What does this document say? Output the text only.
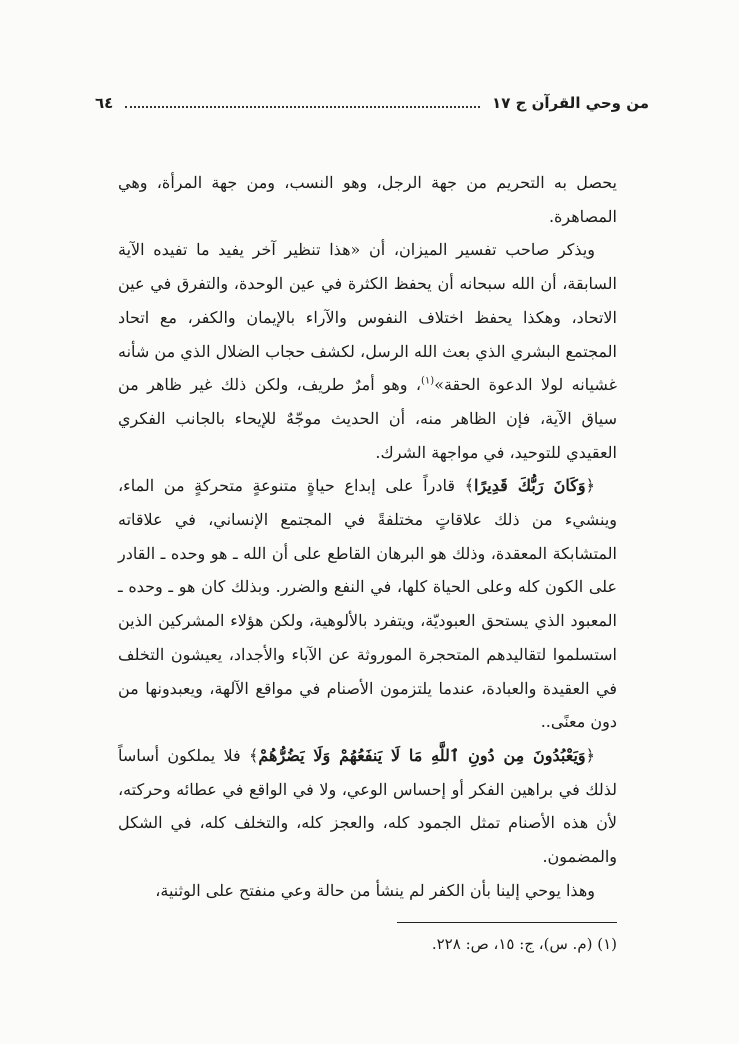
من وحي القرآن ج ١٧
٦٤

يحصل به التحريم من جهة الرجل، وهو النسب، ومن جهة المرأة، وهي المصاهرة.

ويذكر صاحب تفسير الميزان، أن «هذا تنظير آخر يفيد ما تفيده الآية السابقة، أن الله سبحانه أن يحفظ الكثرة في عين الوحدة، والتفرق في عين الاتحاد، وهكذا يحفظ اختلاف النفوس والآراء بالإيمان والكفر، مع اتحاد المجتمع البشري الذي بعث الله الرسل، لكشف حجاب الضلال الذي من شأنه غشيانه لولا الدعوة الحقة»$^{(١)}$، وهو أمرٌ طريف، ولكن ذلك غير ظاهر من سياق الآية، فإن الظاهر منه، أن الحديث موجّهٌ للإيحاء بالجانب الفكري العقيدي للتوحيد، في مواجهة الشرك.

﴿وَكَانَ رَبُّكَ قَدِيرًا﴾ قادراً على إبداع حياةٍ متنوعةٍ متحركةٍ من الماء، وينشيء من ذلك علاقاتٍ مختلفةً في المجتمع الإنساني، في علاقاته المتشابكة المعقدة، وذلك هو البرهان القاطع على أن الله ـ هو وحده ـ القادر على الكون كله وعلى الحياة كلها، في النفع والضرر. وبذلك كان هو ـ وحده ـ المعبود الذي يستحق العبوديّة، ويتفرد بالألوهية، ولكن هؤلاء المشركين الذين استسلموا لتقاليدهم المتحجرة الموروثة عن الآباء والأجداد، يعيشون التخلف في العقيدة والعبادة، عندما يلتزمون الأصنام في مواقع الآلهة، ويعبدونها من دون معنًى..

﴿وَيَعْبُدُونَ مِن دُونِ ٱللَّهِ مَا لَا يَنفَعُهُمْ وَلَا يَضُرُّهُمْ﴾ فلا يملكون أساساً لذلك في براهين الفكر أو إحساس الوعي، ولا في الواقع في عطائه وحركته، لأن هذه الأصنام تمثل الجمود كله، والعجز كله، والتخلف كله، في الشكل والمضمون.

وهذا يوحي إلينا بأن الكفر لم ينشأ من حالة وعي منفتح على الوثنية،

(١) (م. س)، ج: ١٥، ص: ٢٢٨.
